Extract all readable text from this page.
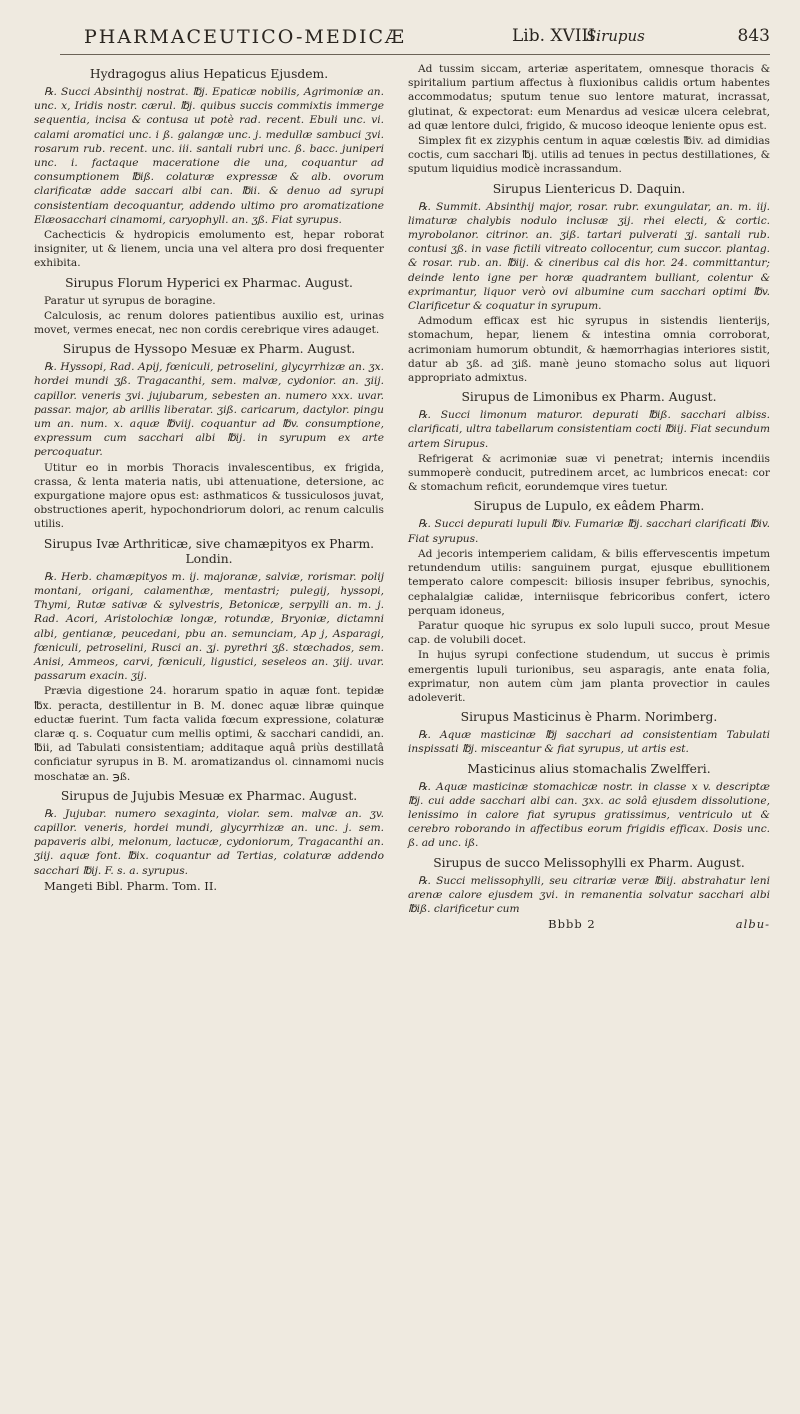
PHARMACEUTICO-MEDICÆ	Lib. XVIII.
Sirupus	843
Hydragogus alius Hepaticus Ejusdem.
℞. Succi Absinthij nostrat. ℔j. Epaticæ nobilis, Agrimoniæ an. unc. x, Iridis nostr. cærul. ℔j. quibus succis commixtis immerge sequentia, incisa & contusa ut potè rad. recent. Ebuli unc. vi. calami aromatici unc. i ß. galangæ unc. j. medullæ sambuci ʒvi. rosarum rub. recent. unc. iii. santali rubri unc. ß. bacc. juniperi unc. i. factaque maceratione die una, coquantur ad consumptionem ℔iß. colaturæ expressæ & alb. ovorum clarificatæ adde saccari albi can. ℔ii. & denuo ad syrupi consistentiam decoquantur, addendo ultimo pro aromatizatione Elæosacchari cinamomi, caryophyll. an. ʒß. Fiat syrupus.
Cachecticis & hydropicis emolumento est, hepar roborat insigniter, ut & lienem, uncia una vel altera pro dosi frequenter exhibita.
Sirupus Florum Hyperici ex Pharmac. August.
Paratur ut syrupus de boragine.
Calculosis, ac renum dolores patientibus auxilio est, urinas movet, vermes enecat, nec non cordis cerebrique vires adauget.
Sirupus de Hyssopo Mesuæ ex Pharm. August.
℞. Hyssopi, Rad. Apij, fœniculi, petroselini, glycyrrhizæ an. ʒx. hordei mundi ʒß. Tragacanthi, sem. malvæ, cydonior. an. ʒiij. capillor. veneris ʒvi. jujubarum, sebesten an. numero xxx. uvar. passar. major, ab arillis liberatar. ʒiß. caricarum, dactylor. pingu um an. num. x. aquæ ℔viij. coquantur ad ℔v. consumptione, expressum cum sacchari albi ℔ij. in syrupum ex arte percoquatur.
Utitur eo in morbis Thoracis invalescentibus, ex frigida, crassa, & lenta materia natis, ubi attenuatione, detersione, ac expurgatione majore opus est: asthmaticos & tussiculosos juvat, obstructiones aperit, hypochondriorum dolori, ac renum calculis utilis.
Sirupus Ivæ Arthriticæ, sive chamæpityos ex Pharm. Londin.
℞. Herb. chamæpityos m. ij. majoranæ, salviæ, rorismar. polij montani, origani, calamenthæ, mentastri; pulegij, hyssopi, Thymi, Rutæ sativæ & sylvestris, Betonicæ, serpylli an. m. j. Rad. Acori, Aristolochiæ longæ, rotundæ, Bryoniæ, dictamni albi, gentianæ, peucedani, pbu an. semunciam, Ap j, Asparagi, fœniculi, petroselini, Rusci an. ʒj. pyrethri ʒß. stœchados, sem. Anisi, Ammeos, carvi, fœniculi, ligustici, seseleos an. ʒiij. uvar. passarum exacin. ʒij.
Prævia digestione 24. horarum spatio in aquæ font. tepidæ ℔x. peracta, destillentur in B. M. donec aquæ libræ quinque eductæ fuerint. Tum facta valida fœcum expressione, colaturæ claræ q. s. Coquatur cum mellis optimi, & sacchari candidi, an. ℔ii, ad Tabulati consistentiam; additaque aquâ priùs destillatâ conficiatur syrupus in B. M. aromatizandus ol. cinnamomi nucis moschatæ an. ℈ß.
Sirupus de Jujubis Mesuæ ex Pharmac. August.
℞. Jujubar. numero sexaginta, violar. sem. malvæ an. ʒv. capillor. veneris, hordei mundi, glycyrrhizæ an. unc. j. sem. papaveris albi, melonum, lactucæ, cydoniorum, Tragacanthi an. ʒiij. aquæ font. ℔ix. coquantur ad Tertias, colaturæ addendo sacchari ℔ij. F. s. a. syrupus.
Mangeti Bibl. Pharm. Tom. II.
Ad tussim siccam, arteriæ asperitatem, omnesque thoracis & spiritalium partium affectus à fluxionibus calidis ortum habentes accommodatus; sputum tenue suo lentore maturat, incrassat, glutinat, & expectorat: eum Menardus ad vesicæ ulcera celebrat, ad quæ lentore dulci, frigido, & mucoso ideoque leniente opus est.
Simplex fit ex zizyphis centum in aquæ cœlestis ℔iv. ad dimidias coctis, cum sacchari ℔j. utilis ad tenues in pectus destillationes, & sputum liquidius modicè incrassandum.
Sirupus Lientericus D. Daquin.
℞. Summit. Absinthij major, rosar. rubr. exungulatar, an. m. iij. limaturæ chalybis nodulo inclusæ ʒij. rhei electi, & cortic. myrobolanor. citrinor. an. ʒiß. tartari pulverati ʒj. santali rub. contusi ʒß. in vase fictili vitreato collocentur, cum succor. plantag. & rosar. rub. an. ℔iij. & cineribus cal dis hor. 24. committantur; deinde lento igne per horæ quadrantem bulliant, colentur & exprimantur, liquor verò ovi albumine cum sacchari optimi ℔v. Clarificetur & coquatur in syrupum.
Admodum efficax est hic syrupus in sistendis lienterijs, stomachum, hepar, lienem & intestina omnia corroborat, acrimoniam humorum obtundit, & hæmorrhagias interiores sistit, datur ab ʒß. ad ʒiß. manè jeuno stomacho solus aut liquori appropriato admixtus.
Sirupus de Limonibus ex Pharm. August.
℞. Succi limonum maturor. depurati ℔iß. sacchari albiss. clarificati, ultra tabellarum consistentiam cocti ℔iij. Fiat secundum artem Sirupus.
Refrigerat & acrimoniæ suæ vi penetrat; internis incendiis summoperè conducit, putredinem arcet, ac lumbricos enecat: cor & stomachum reficit, eorundemque vires tuetur.
Sirupus de Lupulo, ex eâdem Pharm.
℞. Succi depurati lupuli ℔iv. Fumariæ ℔j. sacchari clarificati ℔iv. Fiat syrupus.
Ad jecoris intemperiem calidam, & bilis effervescentis impetum retundendum utilis: sanguinem purgat, ejusque ebullitionem temperato calore compescit: biliosis insuper febribus, synochis, cephalalgiæ calidæ, interniisque febricoribus confert, ictero perquam idoneus,
Paratur quoque hic syrupus ex solo lupuli succo, prout Mesue cap. de volubili docet.
In hujus syrupi confectione studendum, ut succus è primis emergentis lupuli turionibus, seu asparagis, ante enata folia, exprimatur, non autem cùm jam planta provectior in caules adoleverit.
Sirupus Masticinus è Pharm. Norimberg.
℞. Aquæ masticinæ ℔j sacchari ad consistentiam Tabulati inspissati ℔j. misceantur & fiat syrupus, ut artis est.
Masticinus alius stomachalis Zwelfferi.
℞. Aquæ masticinæ stomachicæ nostr. in classe x v. descriptæ ℔j. cui adde sacchari albi can. ʒxx. ac solâ ejusdem dissolutione, lenissimo in calore fiat syrupus gratissimus, ventriculo ut & cerebro roborando in affectibus eorum frigidis efficax. Dosis unc. ß. ad unc. iß.
Sirupus de succo Melissophylli ex Pharm. August.
℞. Succi melissophylli, seu citrariæ veræ ℔iij. abstrahatur leni arenæ calore ejusdem ʒvi. in remanentia solvatur sacchari albi ℔iß. clarificetur cum
albu-
Bbbb 2
